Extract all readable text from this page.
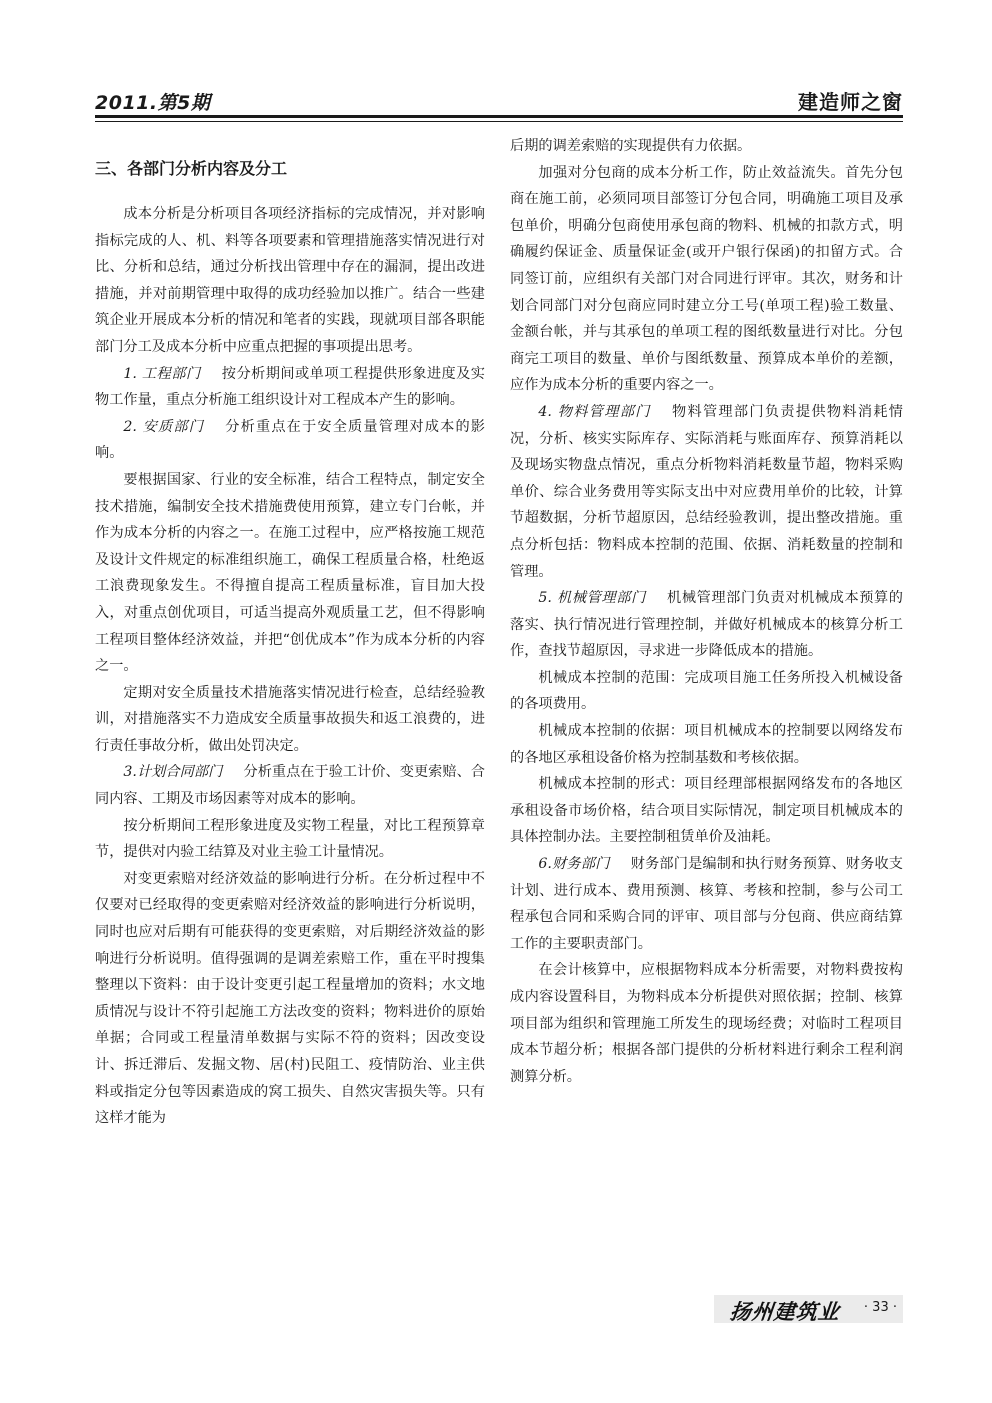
2011.第5期	建造师之窗
三、各部门分析内容及分工

成本分析是分析项目各项经济指标的完成情况，并对影响指标完成的人、机、料等各项要素和管理措施落实情况进行对比、分析和总结，通过分析找出管理中存在的漏洞，提出改进措施，并对前期管理中取得的成功经验加以推广。结合一些建筑企业开展成本分析的情况和笔者的实践，现就项目部各职能部门分工及成本分析中应重点把握的事项提出思考。

1. 工程部门 按分析期间或单项工程提供形象进度及实物工作量，重点分析施工组织设计对工程成本产生的影响。

2. 安质部门 分析重点在于安全质量管理对成本的影响。

要根据国家、行业的安全标准，结合工程特点，制定安全技术措施，编制安全技术措施费使用预算，建立专门台帐，并作为成本分析的内容之一。在施工过程中，应严格按施工规范及设计文件规定的标准组织施工，确保工程质量合格，杜绝返工浪费现象发生。不得擅自提高工程质量标准，盲目加大投入，对重点创优项目，可适当提高外观质量工艺，但不得影响工程项目整体经济效益，并把“创优成本”作为成本分析的内容之一。

定期对安全质量技术措施落实情况进行检查，总结经验教训，对措施落实不力造成安全质量事故损失和返工浪费的，进行责任事故分析，做出处罚决定。

3.计划合同部门 分析重点在于验工计价、变更索赔、合同内容、工期及市场因素等对成本的影响。

按分析期间工程形象进度及实物工程量，对比工程预算章节，提供对内验工结算及对业主验工计量情况。

对变更索赔对经济效益的影响进行分析。在分析过程中不仅要对已经取得的变更索赔对经济效益的影响进行分析说明，同时也应对后期有可能获得的变更索赔，对后期经济效益的影响进行分析说明。值得强调的是调差索赔工作，重在平时搜集整理以下资料：由于设计变更引起工程量增加的资料；水文地质情况与设计不符引起施工方法改变的资料；物料进价的原始单据；合同或工程量清单数据与实际不符的资料；因改变设计、拆迁滞后、发掘文物、居(村)民阻工、疫情防治、业主供料或指定分包等因素造成的窝工损失、自然灾害损失等。只有这样才能为

后期的调差索赔的实现提供有力依据。

加强对分包商的成本分析工作，防止效益流失。首先分包商在施工前，必须同项目部签订分包合同，明确施工项目及承包单价，明确分包商使用承包商的物料、机械的扣款方式，明确履约保证金、质量保证金(或开户银行保函)的扣留方式。合同签订前，应组织有关部门对合同进行评审。其次，财务和计划合同部门对分包商应同时建立分工号(单项工程)验工数量、金额台帐，并与其承包的单项工程的图纸数量进行对比。分包商完工项目的数量、单价与图纸数量、预算成本单价的差额，应作为成本分析的重要内容之一。

4. 物料管理部门 物料管理部门负责提供物料消耗情况，分析、核实实际库存、实际消耗与账面库存、预算消耗以及现场实物盘点情况，重点分析物料消耗数量节超，物料采购单价、综合业务费用等实际支出中对应费用单价的比较，计算节超数据，分析节超原因，总结经验教训，提出整改措施。重点分析包括：物料成本控制的范围、依据、消耗数量的控制和管理。

5. 机械管理部门 机械管理部门负责对机械成本预算的落实、执行情况进行管理控制，并做好机械成本的核算分析工作，查找节超原因，寻求进一步降低成本的措施。

机械成本控制的范围：完成项目施工任务所投入机械设备的各项费用。

机械成本控制的依据：项目机械成本的控制要以网络发布的各地区承租设备价格为控制基数和考核依据。

机械成本控制的形式：项目经理部根据网络发布的各地区承租设备市场价格，结合项目实际情况，制定项目机械成本的具体控制办法。主要控制租赁单价及油耗。

6.财务部门 财务部门是编制和执行财务预算、财务收支计划、进行成本、费用预测、核算、考核和控制，参与公司工程承包合同和采购合同的评审、项目部与分包商、供应商结算工作的主要职责部门。

在会计核算中，应根据物料成本分析需要，对物料费按构成内容设置科目，为物料成本分析提供对照依据；控制、核算项目部为组织和管理施工所发生的现场经费；对临时工程项目成本节超分析；根据各部门提供的分析材料进行剩余工程利润测算分析。

扬州建筑业 · 33 ·
